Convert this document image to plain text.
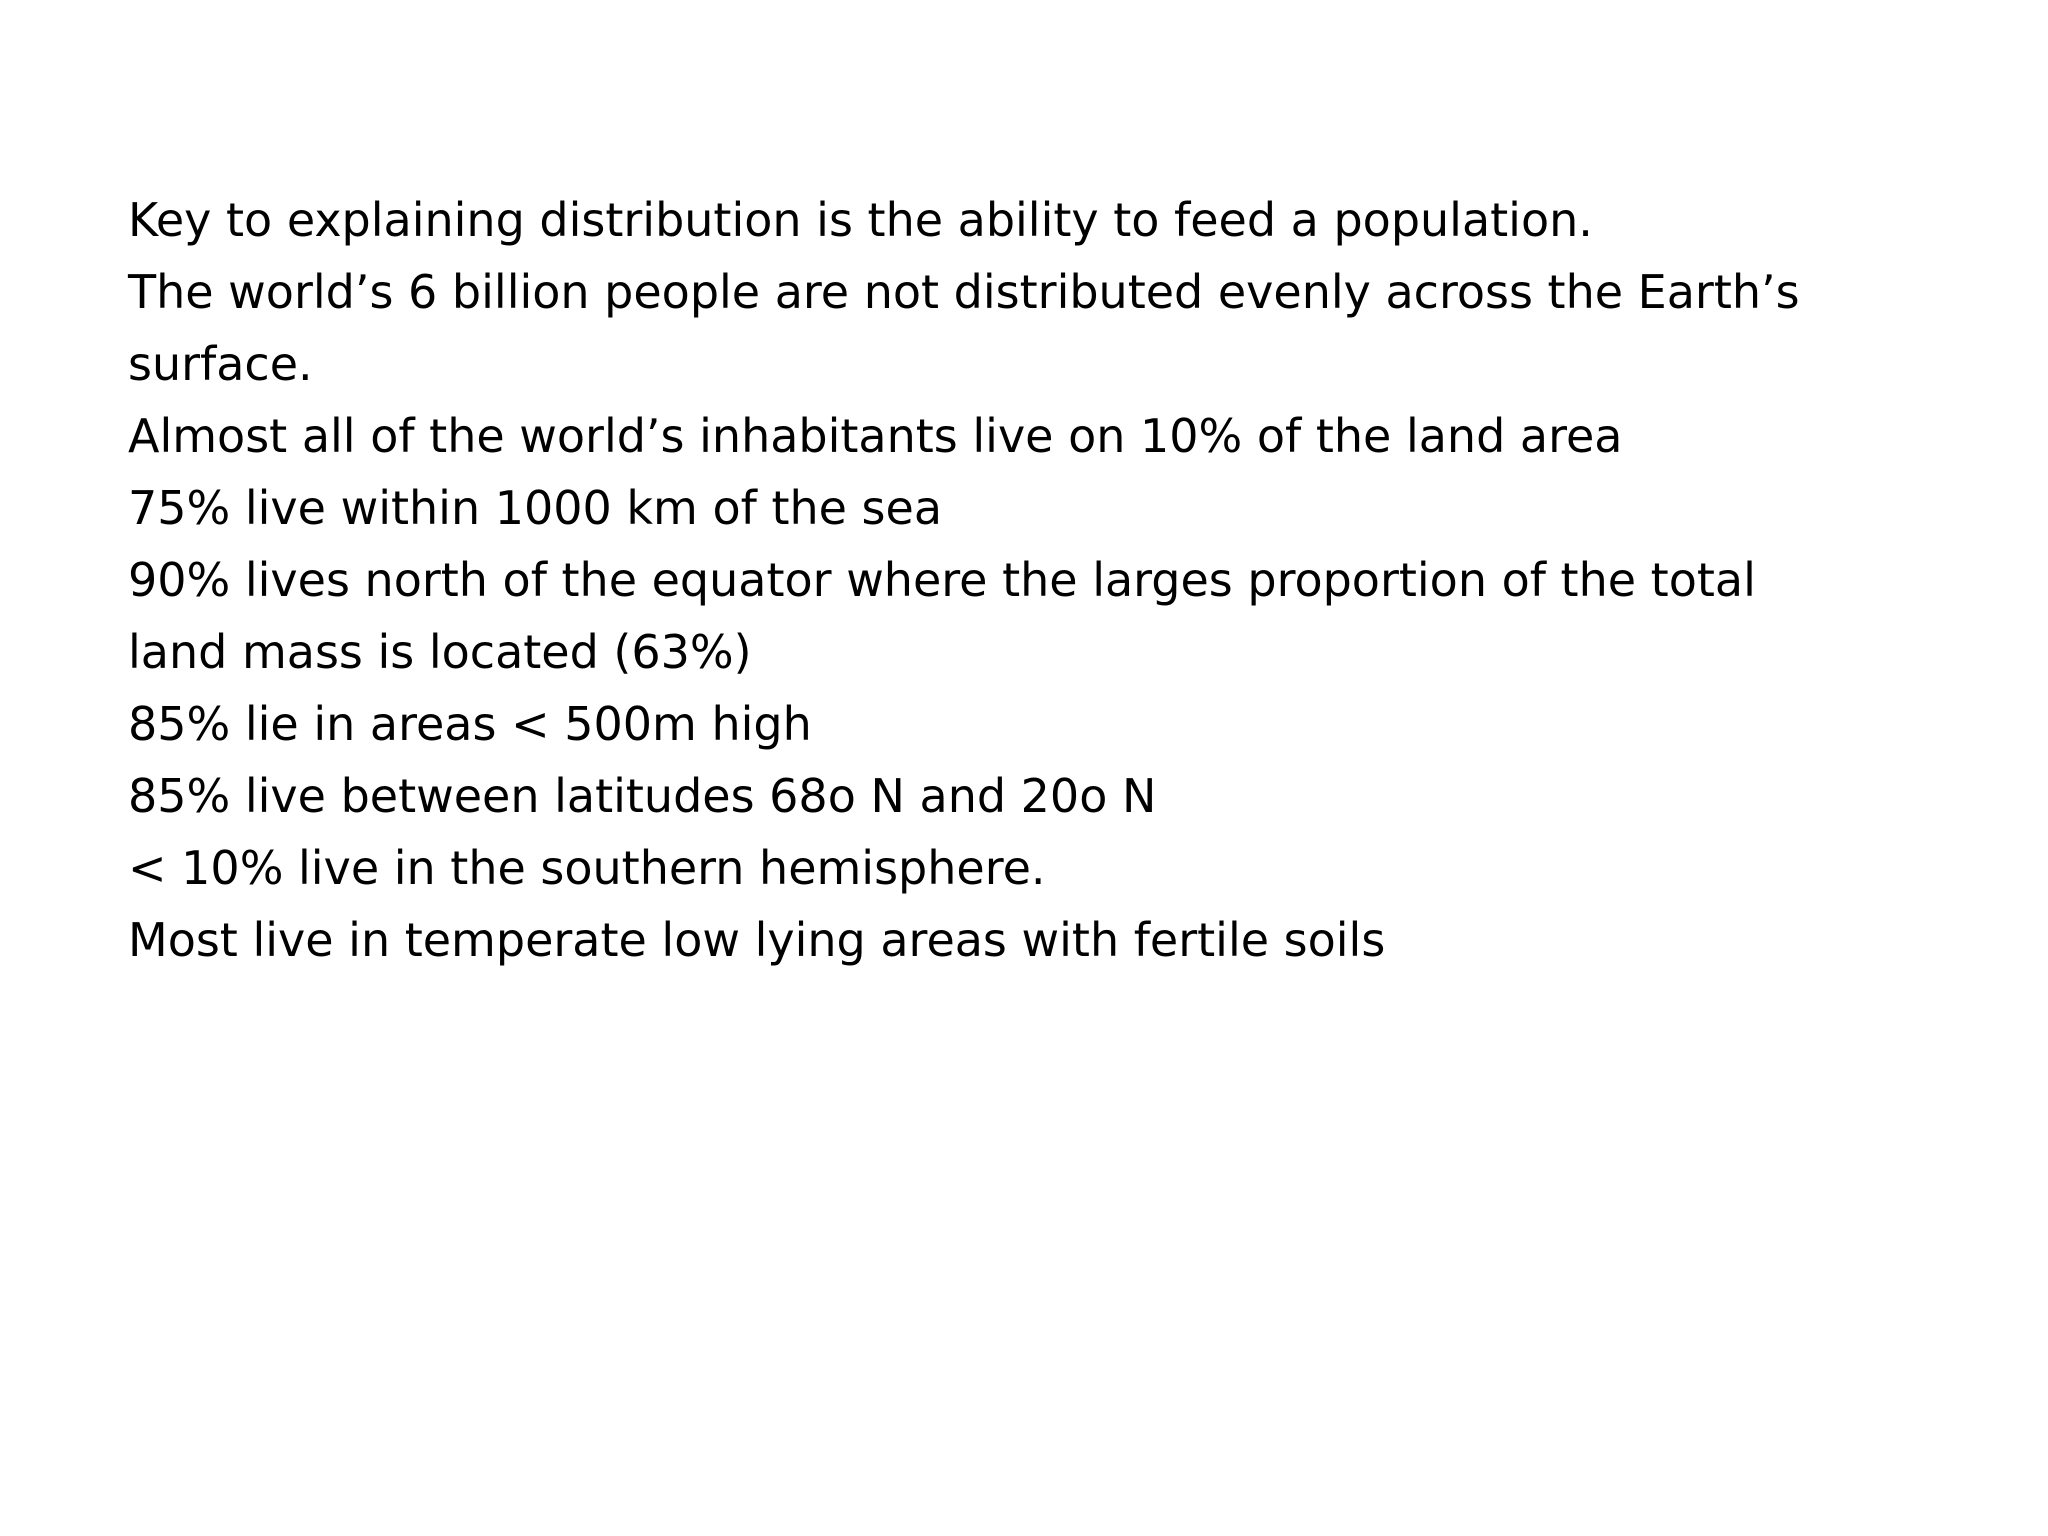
Key to explaining distribution is the ability to feed a population.
The world’s 6 billion people are not distributed evenly across the Earth’s
surface.
Almost all of the world’s inhabitants live on 10% of the land area
75% live within 1000 km of the sea
90% lives north of the equator where the larges proportion of the total
land mass is located (63%)
85% lie in areas < 500m high
85% live between latitudes 68o N and 20o N
< 10% live in the southern hemisphere.
Most live in temperate low lying areas with fertile soils
